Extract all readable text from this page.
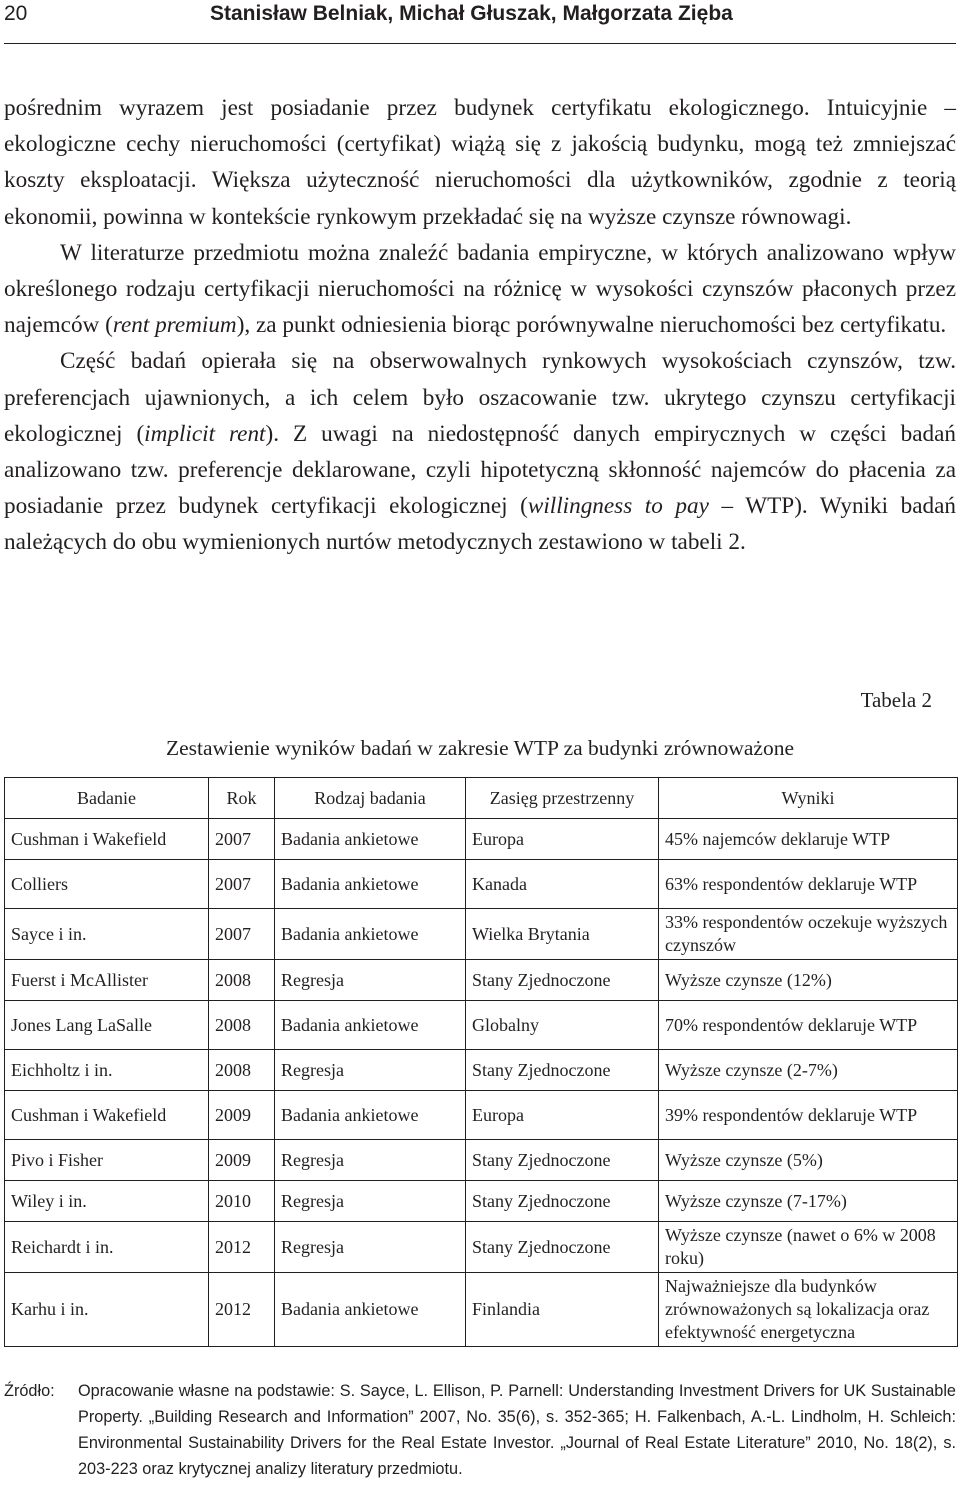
20	Stanisław Belniak, Michał Głuszak, Małgorzata Zięba

pośrednim wyrazem jest posiadanie przez budynek certyfikatu ekologicznego. Intuicyjnie – ekologiczne cechy nieruchomości (certyfikat) wiążą się z jakością budynku, mogą też zmniejszać koszty eksploatacji. Większa użyteczność nieruchomości dla użytkowników, zgodnie z teorią ekonomii, powinna w kontekście rynkowym przekładać się na wyższe czynsze równowagi.

W literaturze przedmiotu można znaleźć badania empiryczne, w których analizowano wpływ określonego rodzaju certyfikacji nieruchomości na różnicę w wysokości czynszów płaconych przez najemców (rent premium), za punkt odniesienia biorąc porównywalne nieruchomości bez certyfikatu.

Część badań opierała się na obserwowalnych rynkowych wysokościach czynszów, tzw. preferencjach ujawnionych, a ich celem było oszacowanie tzw. ukrytego czynszu certyfikacji ekologicznej (implicit rent). Z uwagi na niedostępność danych empirycznych w części badań analizowano tzw. preferencje deklarowane, czyli hipotetyczną skłonność najemców do płacenia za posiadanie przez budynek certyfikacji ekologicznej (willingness to pay – WTP). Wyniki badań należących do obu wymienionych nurtów metodycznych zestawiono w tabeli 2.

Tabela 2
Zestawienie wyników badań w zakresie WTP za budynki zrównoważone
Badanie	Rok	Rodzaj badania	Zasięg przestrzenny	Wyniki
Cushman i Wakefield	2007	Badania ankietowe	Europa	45% najemców deklaruje WTP
Colliers	2007	Badania ankietowe	Kanada	63% respondentów deklaruje WTP
Sayce i in.	2007	Badania ankietowe	Wielka Brytania	33% respondentów oczekuje wyższych czynszów
Fuerst i McAllister	2008	Regresja	Stany Zjednoczone	Wyższe czynsze (12%)
Jones Lang LaSalle	2008	Badania ankietowe	Globalny	70% respondentów deklaruje WTP
Eichholtz i in.	2008	Regresja	Stany Zjednoczone	Wyższe czynsze (2-7%)
Cushman i Wakefield	2009	Badania ankietowe	Europa	39% respondentów deklaruje WTP
Pivo i Fisher	2009	Regresja	Stany Zjednoczone	Wyższe czynsze (5%)
Wiley i in.	2010	Regresja	Stany Zjednoczone	Wyższe czynsze (7-17%)
Reichardt i in.	2012	Regresja	Stany Zjednoczone	Wyższe czynsze (nawet o 6% w 2008 roku)
Karhu i in.	2012	Badania ankietowe	Finlandia	Najważniejsze dla budynków zrównoważonych są lokalizacja oraz efektywność energetyczna
Źródło: Opracowanie własne na podstawie: S. Sayce, L. Ellison, P. Parnell: Understanding Investment Drivers for UK Sustainable Property. „Building Research and Information” 2007, No. 35(6), s. 352-365; H. Falkenbach, A.-L. Lindholm, H. Schleich: Environmental Sustainability Drivers for the Real Estate Investor. „Journal of Real Estate Literature” 2010, No. 18(2), s. 203-223 oraz krytycznej analizy literatury przedmiotu.
